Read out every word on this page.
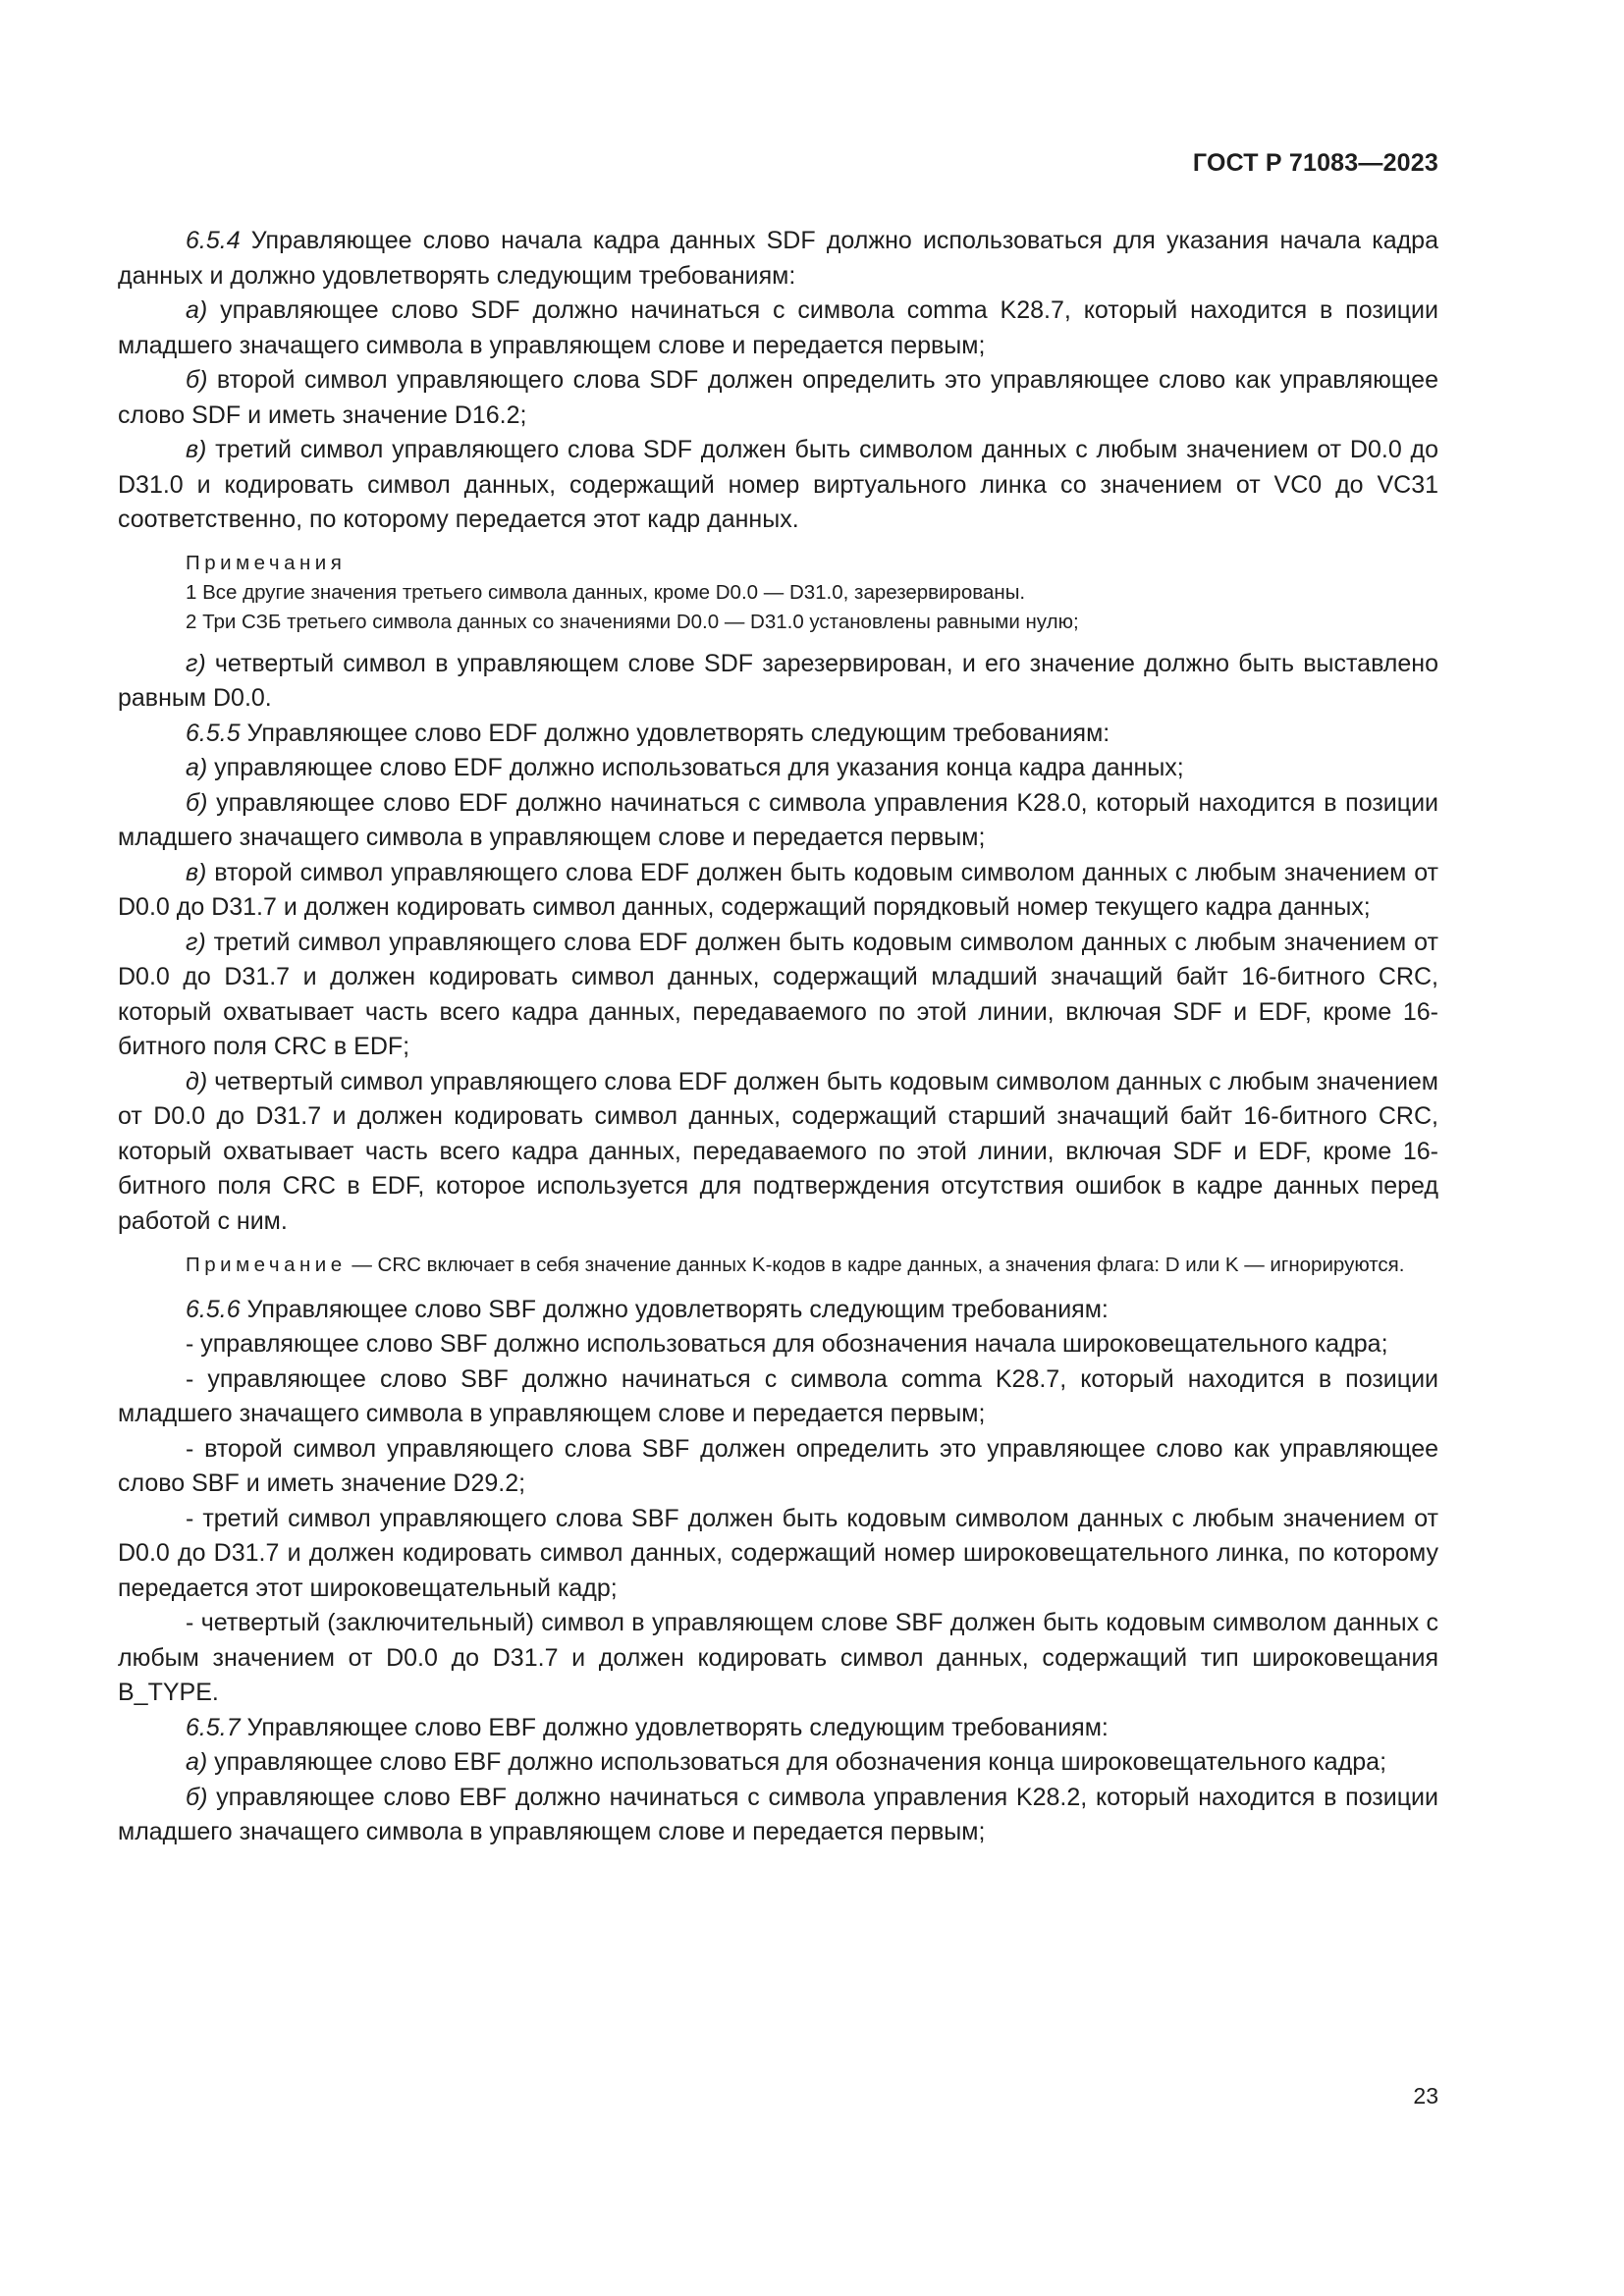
ГОСТ Р 71083—2023

6.5.4 Управляющее слово начала кадра данных SDF должно использоваться для указания начала кадра данных и должно удовлетворять следующим требованиям:

а) управляющее слово SDF должно начинаться с символа comma K28.7, который находится в позиции младшего значащего символа в управляющем слове и передается первым;

б) второй символ управляющего слова SDF должен определить это управляющее слово как управляющее слово SDF и иметь значение D16.2;

в) третий символ управляющего слова SDF должен быть символом данных с любым значением от D0.0 до D31.0 и кодировать символ данных, содержащий номер виртуального линка со значением от VC0 до VC31 соответственно, по которому передается этот кадр данных.

Примечания
1 Все другие значения третьего символа данных, кроме D0.0 — D31.0, зарезервированы.
2 Три СЗБ третьего символа данных со значениями D0.0 — D31.0 установлены равными нулю;

г) четвертый символ в управляющем слове SDF зарезервирован, и его значение должно быть выставлено равным D0.0.

6.5.5 Управляющее слово EDF должно удовлетворять следующим требованиям:

а) управляющее слово EDF должно использоваться для указания конца кадра данных;

б) управляющее слово EDF должно начинаться с символа управления K28.0, который находится в позиции младшего значащего символа в управляющем слове и передается первым;

в) второй символ управляющего слова EDF должен быть кодовым символом данных с любым значением от D0.0 до D31.7 и должен кодировать символ данных, содержащий порядковый номер текущего кадра данных;

г) третий символ управляющего слова EDF должен быть кодовым символом данных с любым значением от D0.0 до D31.7 и должен кодировать символ данных, содержащий младший значащий байт 16-битного CRC, который охватывает часть всего кадра данных, передаваемого по этой линии, включая SDF и EDF, кроме 16-битного поля CRC в EDF;

д) четвертый символ управляющего слова EDF должен быть кодовым символом данных с любым значением от D0.0 до D31.7 и должен кодировать символ данных, содержащий старший значащий байт 16-битного CRC, который охватывает часть всего кадра данных, передаваемого по этой линии, включая SDF и EDF, кроме 16-битного поля CRC в EDF, которое используется для подтверждения отсутствия ошибок в кадре данных перед работой с ним.

Примечание — CRC включает в себя значение данных K-кодов в кадре данных, а значения флага: D или K — игнорируются.

6.5.6 Управляющее слово SBF должно удовлетворять следующим требованиям:

- управляющее слово SBF должно использоваться для обозначения начала широковещательного кадра;

- управляющее слово SBF должно начинаться с символа comma K28.7, который находится в позиции младшего значащего символа в управляющем слове и передается первым;

- второй символ управляющего слова SBF должен определить это управляющее слово как управляющее слово SBF и иметь значение D29.2;

- третий символ управляющего слова SBF должен быть кодовым символом данных с любым значением от D0.0 до D31.7 и должен кодировать символ данных, содержащий номер широковещательного линка, по которому передается этот широковещательный кадр;

- четвертый (заключительный) символ в управляющем слове SBF должен быть кодовым символом данных с любым значением от D0.0 до D31.7 и должен кодировать символ данных, содержащий тип широковещания B_TYPE.

6.5.7 Управляющее слово EBF должно удовлетворять следующим требованиям:

а) управляющее слово EBF должно использоваться для обозначения конца широковещательного кадра;

б) управляющее слово EBF должно начинаться с символа управления K28.2, который находится в позиции младшего значащего символа в управляющем слове и передается первым;

23
